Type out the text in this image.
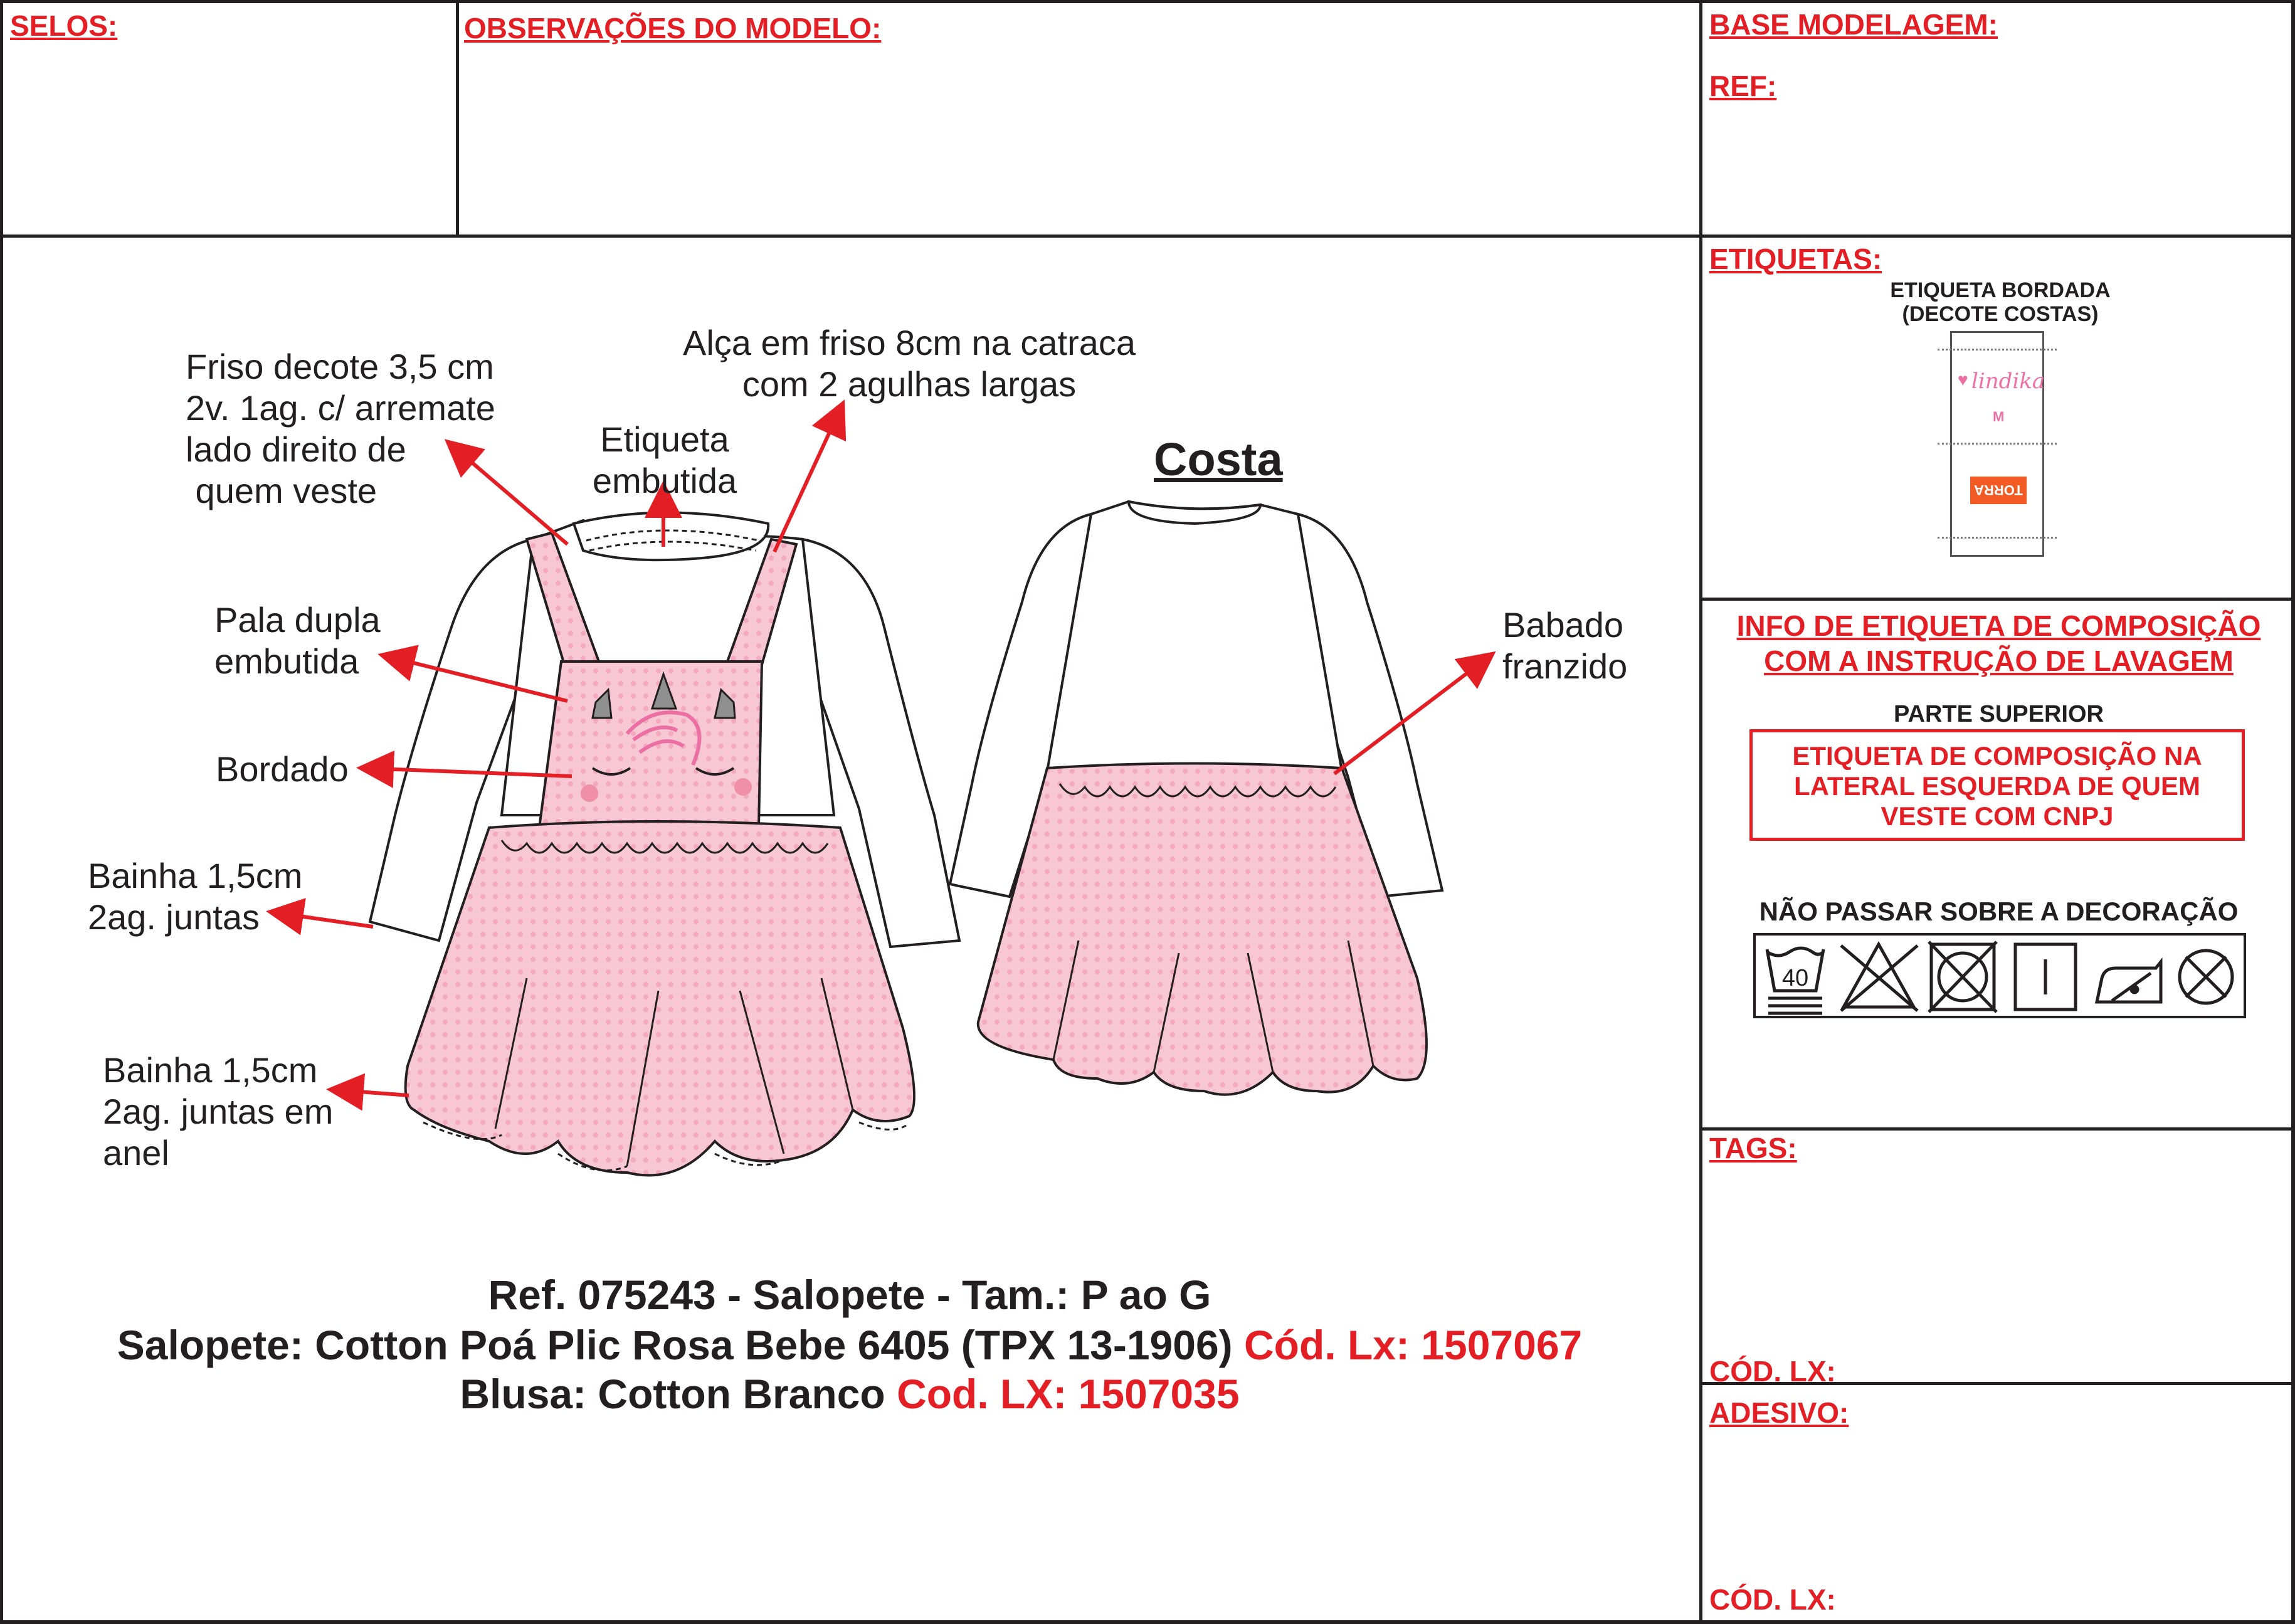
SELOS:	OBSERVAÇÕES DO MODELO:	BASE MODELAGEM:
REF:
ETIQUETAS:
TAGS:
CÓD. LX:
ADESIVO:
CÓD. LX:
ETIQUETA BORDADA
(DECOTE COSTAS)
♥ lindika
M
TORRA
INFO DE ETIQUETA DE COMPOSIÇÃO
COM A INSTRUÇÃO DE LAVAGEM
PARTE SUPERIOR
ETIQUETA DE COMPOSIÇÃO NA
LATERAL ESQUERDA DE QUEM
VESTE COM CNPJ
NÃO PASSAR SOBRE A DECORAÇÃO
40
Friso decote 3,5 cm
2v. 1ag. c/ arremate
lado direito de
quem veste
Etiqueta
embutida
Alça em friso 8cm na catraca
com 2 agulhas largas
Pala dupla
embutida
Bordado
Bainha 1,5cm
2ag. juntas
Bainha 1,5cm
2ag. juntas em
anel
Costa
Babado
franzido
Ref. 075243 - Salopete - Tam.: P ao G
Salopete: Cotton Poá Plic Rosa Bebe 6405 (TPX 13-1906) Cód. Lx: 1507067
Blusa: Cotton Branco Cod. LX: 1507035
